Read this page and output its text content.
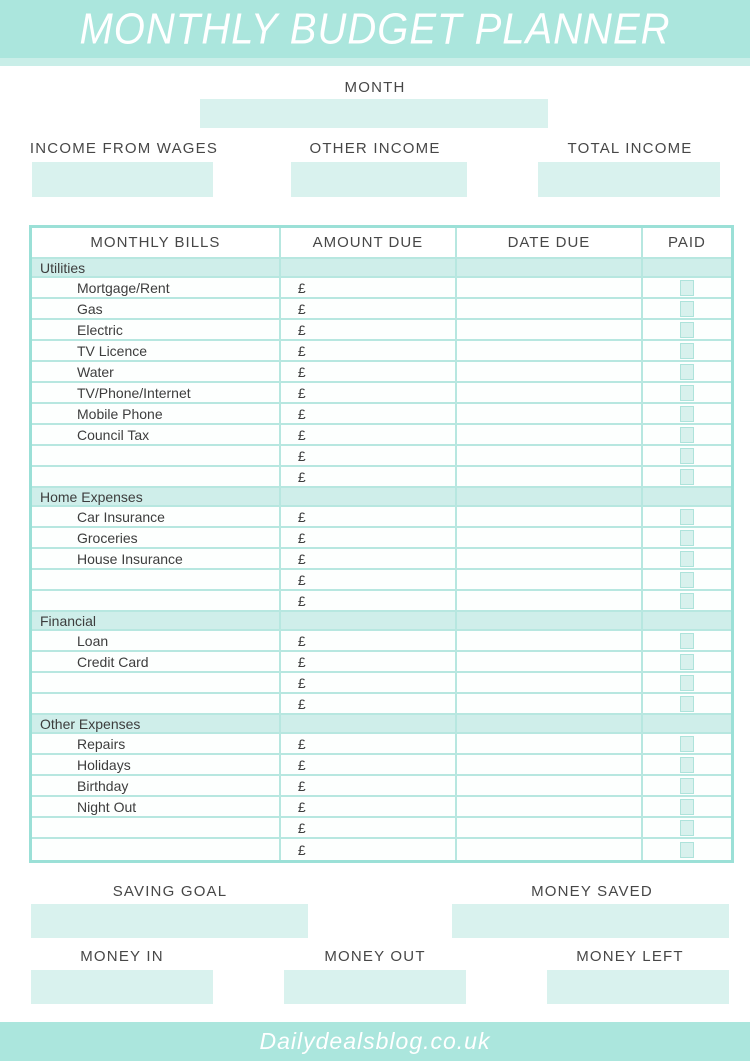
MONTHLY BUDGET PLANNER
MONTH
INCOME FROM WAGES	OTHER INCOME	TOTAL INCOME
MONTHLY BILLS	AMOUNT DUE	DATE DUE	PAID
Utilities
Mortgage/Rent	£
Gas	£
Electric	£
TV Licence	£
Water	£
TV/Phone/Internet	£
Mobile Phone	£
Council Tax	£
£
£
Home Expenses
Car Insurance	£
Groceries	£
House Insurance	£
£
£
Financial
Loan	£
Credit Card	£
£
£
Other Expenses
Repairs	£
Holidays	£
Birthday	£
Night Out	£
£
£
SAVING GOAL	MONEY SAVED
MONEY IN	MONEY OUT	MONEY LEFT
Dailydealsblog.co.uk
